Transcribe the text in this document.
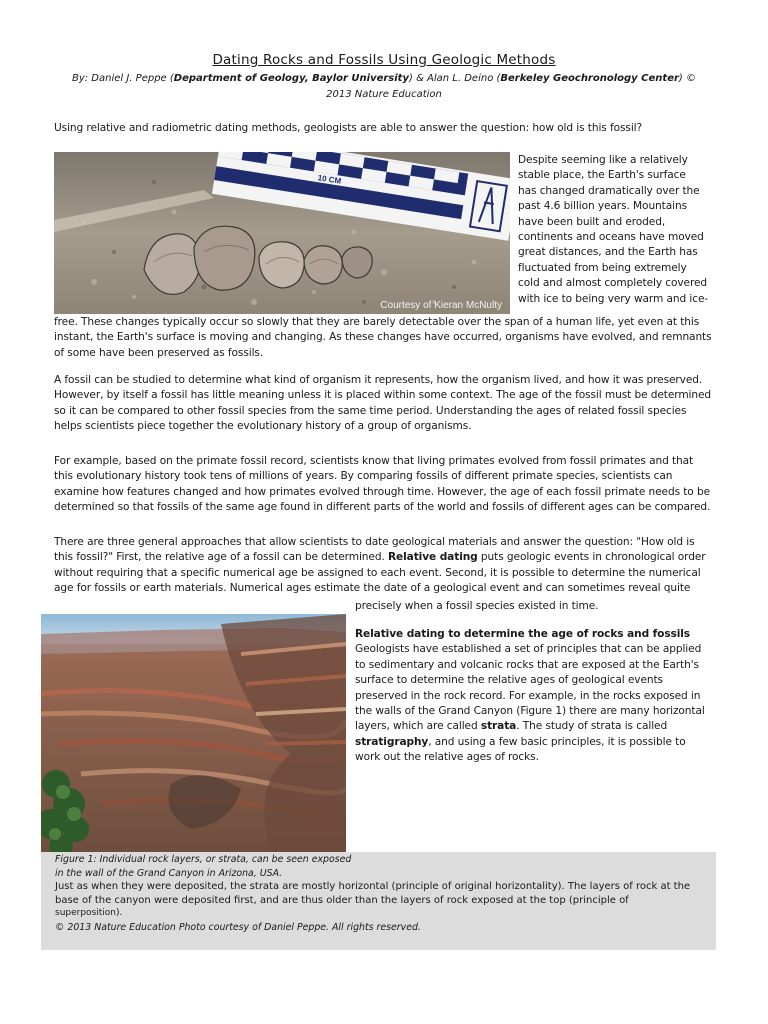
Dating Rocks and Fossils Using Geologic Methods
By: Daniel J. Peppe (Department of Geology, Baylor University) & Alan L. Deino (Berkeley Geochronology Center) © 2013 Nature Education
Using relative and radiometric dating methods, geologists are able to answer the question: how old is this fossil?
10 CM
Courtesy of Kieran McNulty
Despite seeming like a relatively
stable place, the Earth's surface
has changed dramatically over the
past 4.6 billion years. Mountains
have been built and eroded,
continents and oceans have moved
great distances, and the Earth has
fluctuated from being extremely
cold and almost completely covered
with ice to being very warm and ice-
free. These changes typically occur so slowly that they are barely detectable over the span of a human life, yet even at this instant, the Earth's surface is moving and changing. As these changes have occurred, organisms have evolved, and remnants of some have been preserved as fossils.
A fossil can be studied to determine what kind of organism it represents, how the organism lived, and how it was preserved. However, by itself a fossil has little meaning unless it is placed within some context. The age of the fossil must be determined so it can be compared to other fossil species from the same time period. Understanding the ages of related fossil species helps scientists piece together the evolutionary history of a group of organisms.
For example, based on the primate fossil record, scientists know that living primates evolved from fossil primates and that this evolutionary history took tens of millions of years. By comparing fossils of different primate species, scientists can examine how features changed and how primates evolved through time. However, the age of each fossil primate needs to be determined so that fossils of the same age found in different parts of the world and fossils of different ages can be compared.
There are three general approaches that allow scientists to date geological materials and answer the question: "How old is this fossil?" First, the relative age of a fossil can be determined. Relative dating puts geologic events in chronological order without requiring that a specific numerical age be assigned to each event. Second, it is possible to determine the numerical age for fossils or earth materials. Numerical ages estimate the date of a geological event and can sometimes reveal quite
precisely when a fossil species existed in time.
Relative dating to determine the age of rocks and fossils
Geologists have established a set of principles that can be applied to sedimentary and volcanic rocks that are exposed at the Earth's surface to determine the relative ages of geological events preserved in the rock record. For example, in the rocks exposed in the walls of the Grand Canyon (Figure 1) there are many horizontal layers, which are called strata. The study of strata is called stratigraphy, and using a few basic principles, it is possible to work out the relative ages of rocks.
Figure 1: Individual rock layers, or strata, can be seen exposed
in the wall of the Grand Canyon in Arizona, USA.
Just as when they were deposited, the strata are mostly horizontal (principle of original horizontality). The layers of rock at the base of the canyon were deposited first, and are thus older than the layers of rock exposed at the top (principle of
superposition).
© 2013 Nature Education Photo courtesy of Daniel Peppe. All rights reserved.
